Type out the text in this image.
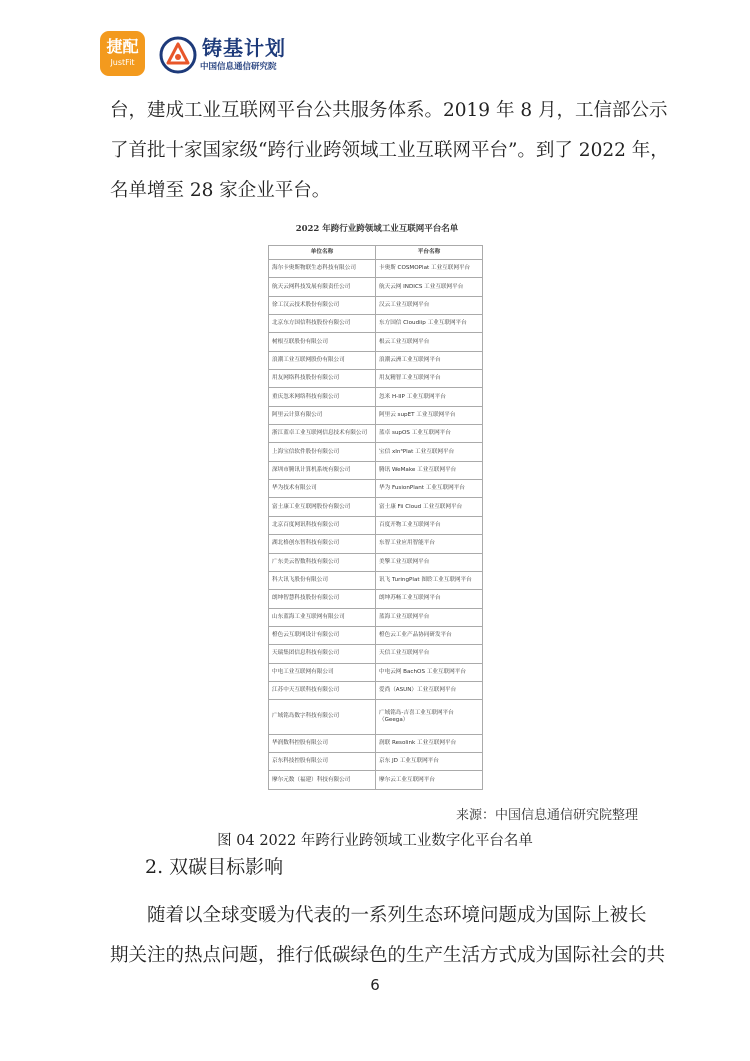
捷配
JustFit
铸基计划
中国信息通信研究院

台，建成工业互联网平台公共服务体系。2019 年 8 月，工信部公示

了首批十家国家级“跨行业跨领域工业互联网平台”。到了 2022 年，

名单增至 28 家企业平台。

2022 年跨行业跨领域工业互联网平台名单
单位名称	平台名称
海尔卡奥斯物联生态科技有限公司	卡奥斯 COSMOPlat 工业互联网平台
航天云网科技发展有限责任公司	航天云网 INDICS 工业互联网平台
徐工汉云技术股份有限公司	汉云工业互联网平台
北京东方国信科技股份有限公司	东方国信 Cloudiip 工业互联网平台
树根互联股份有限公司	根云工业互联网平台
浪潮工业互联网股份有限公司	浪潮云洲工业互联网平台
用友网络科技股份有限公司	用友精智工业互联网平台
重庆忽米网络科技有限公司	忽米 H-IIP 工业互联网平台
阿里云计算有限公司	阿里云 supET 工业互联网平台
浙江蓝卓工业互联网信息技术有限公司	蓝卓 supOS 工业互联网平台
上海宝信软件股份有限公司	宝信 xIn³Plat 工业互联网平台
深圳市腾讯计算机系统有限公司	腾讯 WeMake 工业互联网平台
华为技术有限公司	华为 FusionPlant 工业互联网平台
富士康工业互联网股份有限公司	富士康 Fii Cloud 工业互联网平台
北京百度网讯科技有限公司	百度开物工业互联网平台
湖北格创东智科技有限公司	东智工业应用智能平台
广东美云智数科技有限公司	美擎工业互联网平台
科大讯飞股份有限公司	讯飞 TuringPlat 图聆工业互联网平台
朗坤智慧科技股份有限公司	朗坤苏畅工业互联网平台
山东蓝海工业互联网有限公司	蓝海工业互联网平台
橙色云互联网设计有限公司	橙色云工业产品协同研发平台
天瑞集团信息科技有限公司	天信工业互联网平台
中电工业互联网有限公司	中电云网 BachOS 工业互联网平台
江苏中天互联科技有限公司	爱尚（ASUN）工业互联网平台
广域铭岛数字科技有限公司	广域铭岛-吉喜工业互联网平台（Geega）
华润数科控股有限公司	润联 Resolink 工业互联网平台
京东科技控股有限公司	京东 JD 工业互联网平台
摩尔元数（福建）科技有限公司	摩尔云工业互联网平台
来源：中国信息通信研究院整理
图 04 2022 年跨行业跨领域工业数字化平台名单
2. 双碳目标影响

随着以全球变暖为代表的一系列生态环境问题成为国际上被长

期关注的热点问题，推行低碳绿色的生产生活方式成为国际社会的共

6
